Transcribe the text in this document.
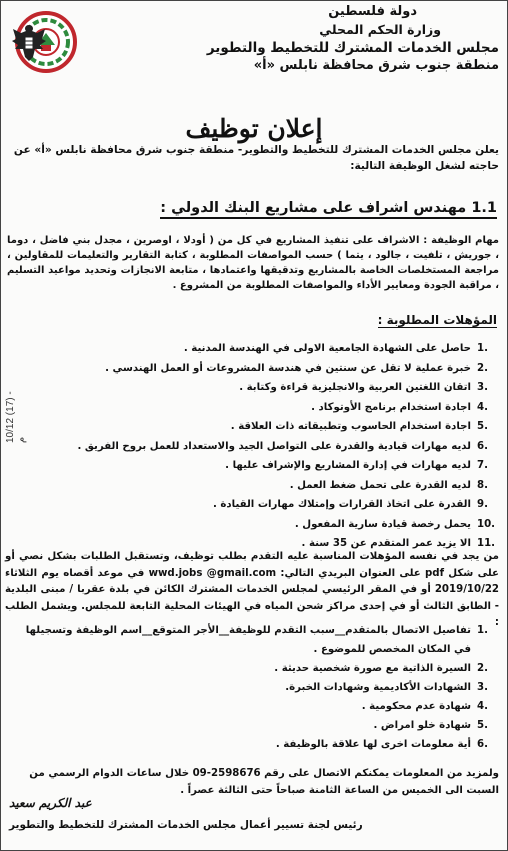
دولة فلسطين
وزارة الحكم المحلي
مجلس الخدمات المشترك للتخطيط والتطوير
منطقة جنوب شرق محافظة نابلس «أ»
إعلان توظيف
يعلن مجلس الخدمات المشترك للتخطيط والتطوير- منطقة جنوب شرق محافظة نابلس «أ» عن حاجته لشغل الوظيفة التالية:
1.1 مهندس اشراف على مشاريع البنك الدولي :
مهام الوظيفة : الاشراف على تنفيذ المشاريع في كل من ( أودلا ، اوصرين ، مجدل بني فاضل ، دوما ، جوريش ، تلفيت ، جالود ، يتما ) حسب المواصفات المطلوبة ، كتابة التقارير والتعليمات للمقاولين ، مراجعة المستخلصات الخاصة بالمشاريع وتدقيقها واعتمادها ، متابعة الانجازات وتحديد مواعيد التسليم ، مراقبة الجودة ومعايير الأداء والمواصفات المطلوبة من المشروع .
المؤهلات المطلوبة :
1.
حاصل على الشهادة الجامعية الاولى في الهندسة المدنية .
2.
خبرة عملية لا تقل عن سنتين في هندسة المشروعات أو العمل الهندسي .
3.
اتقان اللغتين العربية والانجليزية قراءة وكتابة .
4.
اجادة استخدام برنامج الأوتوكاد .
5.
اجادة استخدام الحاسوب وتطبيقاته ذات العلاقة .
6.
لديه مهارات قيادية والقدرة على التواصل الجيد والاستعداد للعمل بروح الفريق .
7.
لديه مهارات في إدارة المشاريع والإشراف عليها .
8.
لديه القدرة على تحمل ضغط العمل .
9.
القدرة على اتخاذ القرارات وإمتلاك مهارات القيادة .
10.
يحمل رخصة قيادة سارية المفعول .
11.
الا يزيد عمر المتقدم عن 35 سنة .
من يجد في نفسه المؤهلات المناسبة عليه التقدم بطلب توظيف، وتستقبل الطلبات بشكل نصي أو على شكل pdf على العنوان البريدي التالي: wwd.jobs @gmail.com في موعد أقصاه يوم الثلاثاء 2019/10/22 أو في المقر الرئيسي لمجلس الخدمات المشترك الكائن في بلدة عقربا / مبنى البلدية - الطابق الثالث أو في إحدى مراكز شحن المياه في الهيئات المحلية التابعة للمجلس. ويشمل الطلب :
1.
تفاصيل الاتصال بالمتقدم__سبب التقدم للوظيفة__الأجر المتوقع__اسم الوظيفة وتسجيلها في المكان المخصص للموضوع .
2.
السيرة الذاتية مع صورة شخصية حديثة .
3.
الشهادات الأكاديمية وشهادات الخبرة.
4.
شهادة عدم محكومية .
5.
شهادة خلو امراض .
6.
أية معلومات اخرى لها علاقة بالوظيفة .
ولمزيد من المعلومات يمكنكم الاتصال على رقم 2598676-09 خلال ساعات الدوام الرسمي من السبت الى الخميس من الساعة الثامنة صباحاً حتى الثالثة عصراً .
عبد الكريم سعيد
رئيس لجنة تسيير أعمال مجلس الخدمات المشترك للتخطيط والتطوير
10/12 (17) - م
